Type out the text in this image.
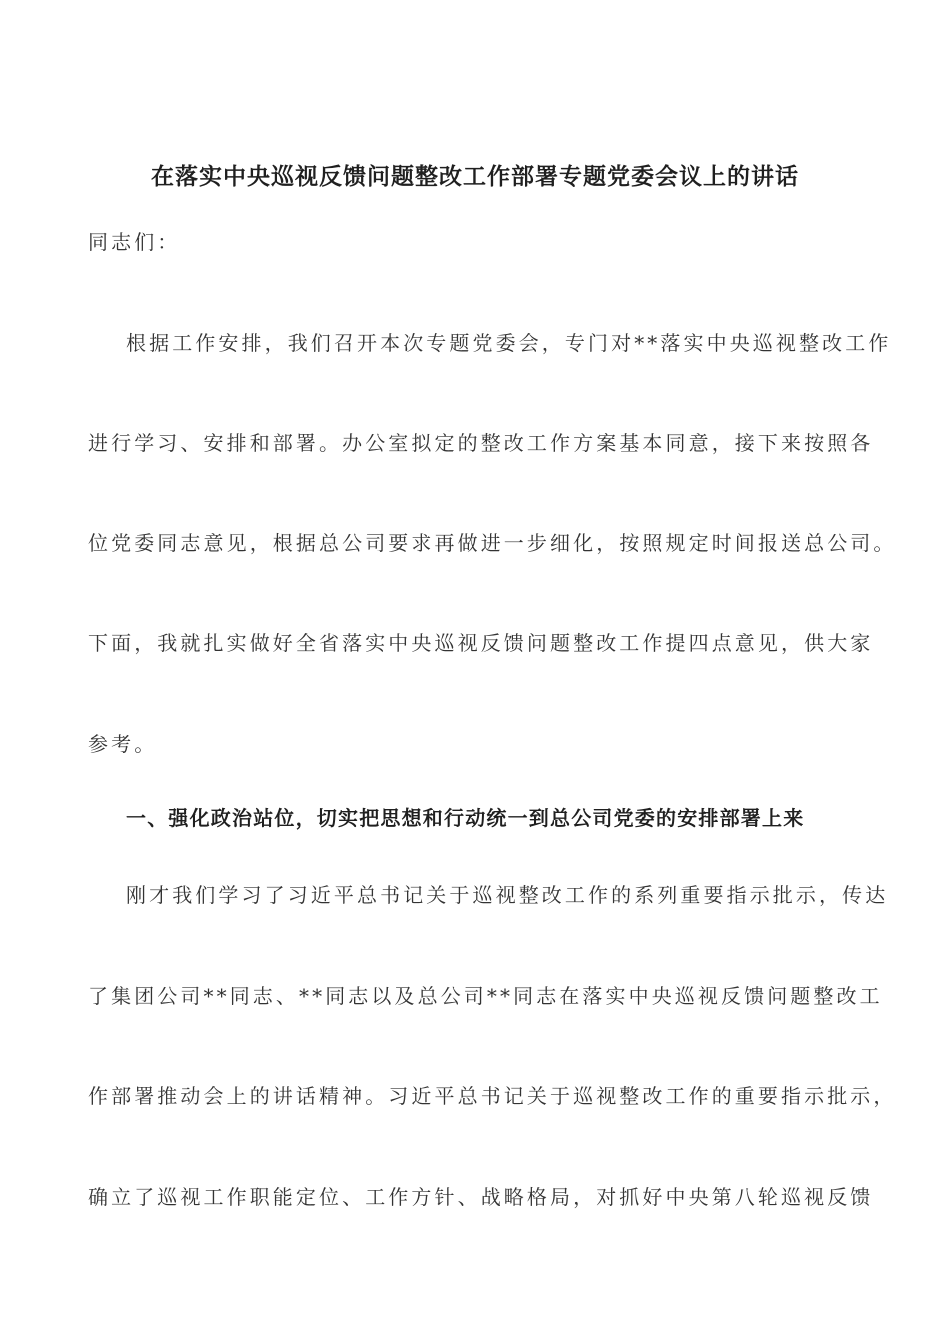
在落实中央巡视反馈问题整改工作部署专题党委会议上的讲话
同志们：
根据工作安排，我们召开本次专题党委会，专门对**落实中央巡视整改工作
进行学习、安排和部署。办公室拟定的整改工作方案基本同意，接下来按照各
位党委同志意见，根据总公司要求再做进一步细化，按照规定时间报送总公司。
下面，我就扎实做好全省落实中央巡视反馈问题整改工作提四点意见，供大家
参考。
一、强化政治站位，切实把思想和行动统一到总公司党委的安排部署上来
刚才我们学习了习近平总书记关于巡视整改工作的系列重要指示批示，传达
了集团公司**同志、**同志以及总公司**同志在落实中央巡视反馈问题整改工
作部署推动会上的讲话精神。习近平总书记关于巡视整改工作的重要指示批示，
确立了巡视工作职能定位、工作方针、战略格局，对抓好中央第八轮巡视反馈
